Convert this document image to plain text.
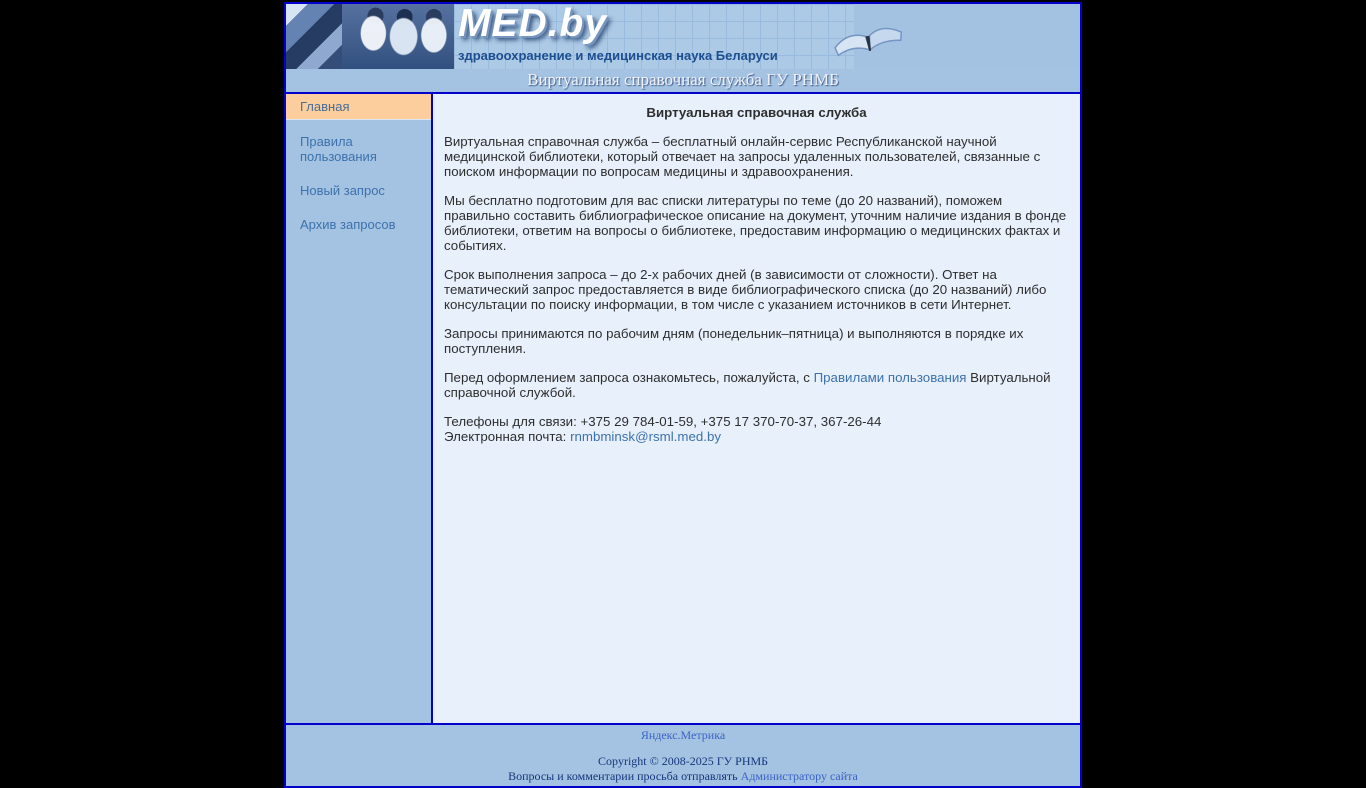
MED.by
здравоохранение и медицинская наука Беларуси
Виртуальная справочная служба ГУ РНМБ
Главная
Правила пользования
Новый запрос
Архив запросов
Виртуальная справочная служба

Виртуальная справочная служба – бесплатный онлайн-сервис Республиканской научной медицинской библиотеки, который отвечает на запросы удаленных пользователей, связанные с поиском информации по вопросам медицины и здравоохранения.

Мы бесплатно подготовим для вас списки литературы по теме (до 20 названий), поможем правильно составить библиографическое описание на документ, уточним наличие издания в фонде библиотеки, ответим на вопросы о библиотеке, предоставим информацию о медицинских фактах и событиях.

Срок выполнения запроса – до 2-х рабочих дней (в зависимости от сложности). Ответ на тематический запрос предоставляется в виде библиографического списка (до 20 названий) либо консультации по поиску информации, в том числе с указанием источников в сети Интернет.

Запросы принимаются по рабочим дням (понедельник–пятница) и выполняются в порядке их поступления.

Перед оформлением запроса ознакомьтесь, пожалуйста, с Правилами пользования Виртуальной справочной службой.

Телефоны для связи: +375 29 784-01-59, +375 17 370-70-37, 367-26-44
Электронная почта: rnmbminsk@rsml.med.by

Яндекс.Метрика
Copyright © 2008-2025 ГУ РНМБ
Вопросы и комментарии просьба отправлять Администратору сайта
